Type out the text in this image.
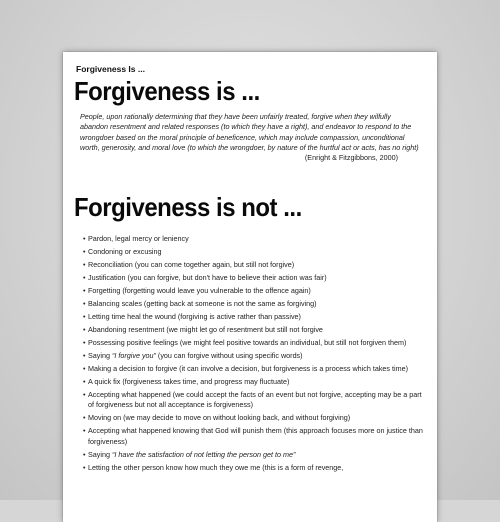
Forgiveness Is ...
Forgiveness is ...
People, upon rationally determining that they have been unfairly treated, forgive when they wilfully abandon resentment and related responses (to which they have a right), and endeavor to respond to the wrongdoer based on the moral principle of beneficence, which may include compassion, unconditional worth, generosity, and moral love (to which the wrongdoer, by nature of the hurtful act or acts, has no right)
(Enright & Fitzgibbons, 2000)
Forgiveness is not ...
• Pardon, legal mercy or leniency
• Condoning or excusing
• Reconciliation (you can come together again, but still not forgive)
• Justification (you can forgive, but don't have to believe their action was fair)
• Forgetting (forgetting would leave you vulnerable to the offence again)
• Balancing scales (getting back at someone is not the same as forgiving)
• Letting time heal the wound (forgiving is active rather than passive)
• Abandoning resentment (we might let go of resentment but still not forgive
• Possessing positive feelings (we might feel positive towards an individual, but still not forgiven them)
• Saying “I forgive you” (you can forgive without using specific words)
• Making a decision to forgive (it can involve a decision, but forgiveness is a process which takes time)
• A quick fix (forgiveness takes time, and progress may fluctuate)
• Accepting what happened (we could accept the facts of an event but not forgive, accepting may be a part of forgiveness but not all acceptance is forgiveness)
• Moving on (we may decide to move on without looking back, and without forgiving)
• Accepting what happened knowing that God will punish them (this approach focuses more on justice than forgiveness)
• Saying “I have the satisfaction of not letting the person get to me”
• Letting the other person know how much they owe me (this is a form of revenge,
